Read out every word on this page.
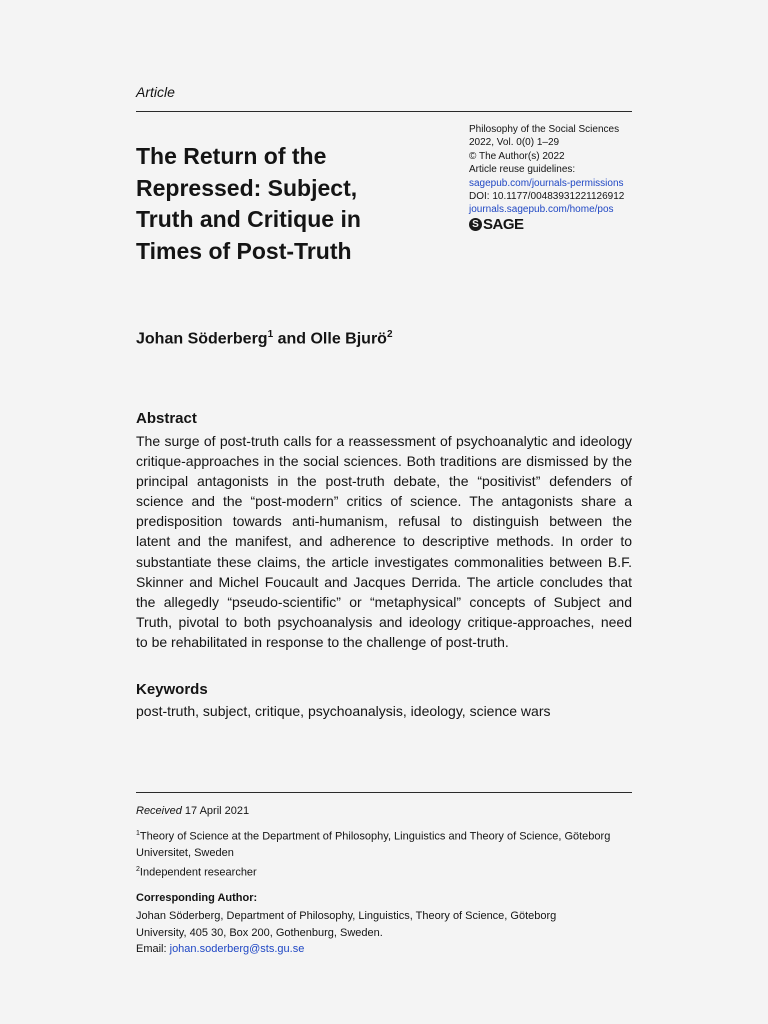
Article
The Return of the
Repressed: Subject,
Truth and Critique in
Times of Post-Truth
Philosophy of the Social Sciences
2022, Vol. 0(0) 1–29
© The Author(s) 2022
Article reuse guidelines:
sagepub.com/journals-permissions
DOI: 10.1177/00483931221126912
journals.sagepub.com/home/pos
S SAGE
Johan Söderberg$^1$ and Olle Bjurö$^2$
Abstract
The surge of post-truth calls for a reassessment of psychoanalytic and ideology
critique-approaches in the social sciences. Both traditions are dismissed by the
principal antagonists in the post-truth debate, the “positivist” defenders of
science and the “post-modern” critics of science. The antagonists share a
predisposition towards anti-humanism, refusal to distinguish between the
latent and the manifest, and adherence to descriptive methods. In order to
substantiate these claims, the article investigates commonalities between B.F.
Skinner and Michel Foucault and Jacques Derrida. The article concludes that
the allegedly “pseudo-scientific” or “metaphysical” concepts of Subject and
Truth, pivotal to both psychoanalysis and ideology critique-approaches, need
to be rehabilitated in response to the challenge of post-truth.
Keywords
post-truth, subject, critique, psychoanalysis, ideology, science wars
Received 17 April 2021
$^1$Theory of Science at the Department of Philosophy, Linguistics and Theory of Science, Göteborg
Universitet, Sweden
$^2$Independent researcher
Corresponding Author:
Johan Söderberg, Department of Philosophy, Linguistics, Theory of Science, Göteborg
University, 405 30, Box 200, Gothenburg, Sweden.
Email: johan.soderberg@sts.gu.se
